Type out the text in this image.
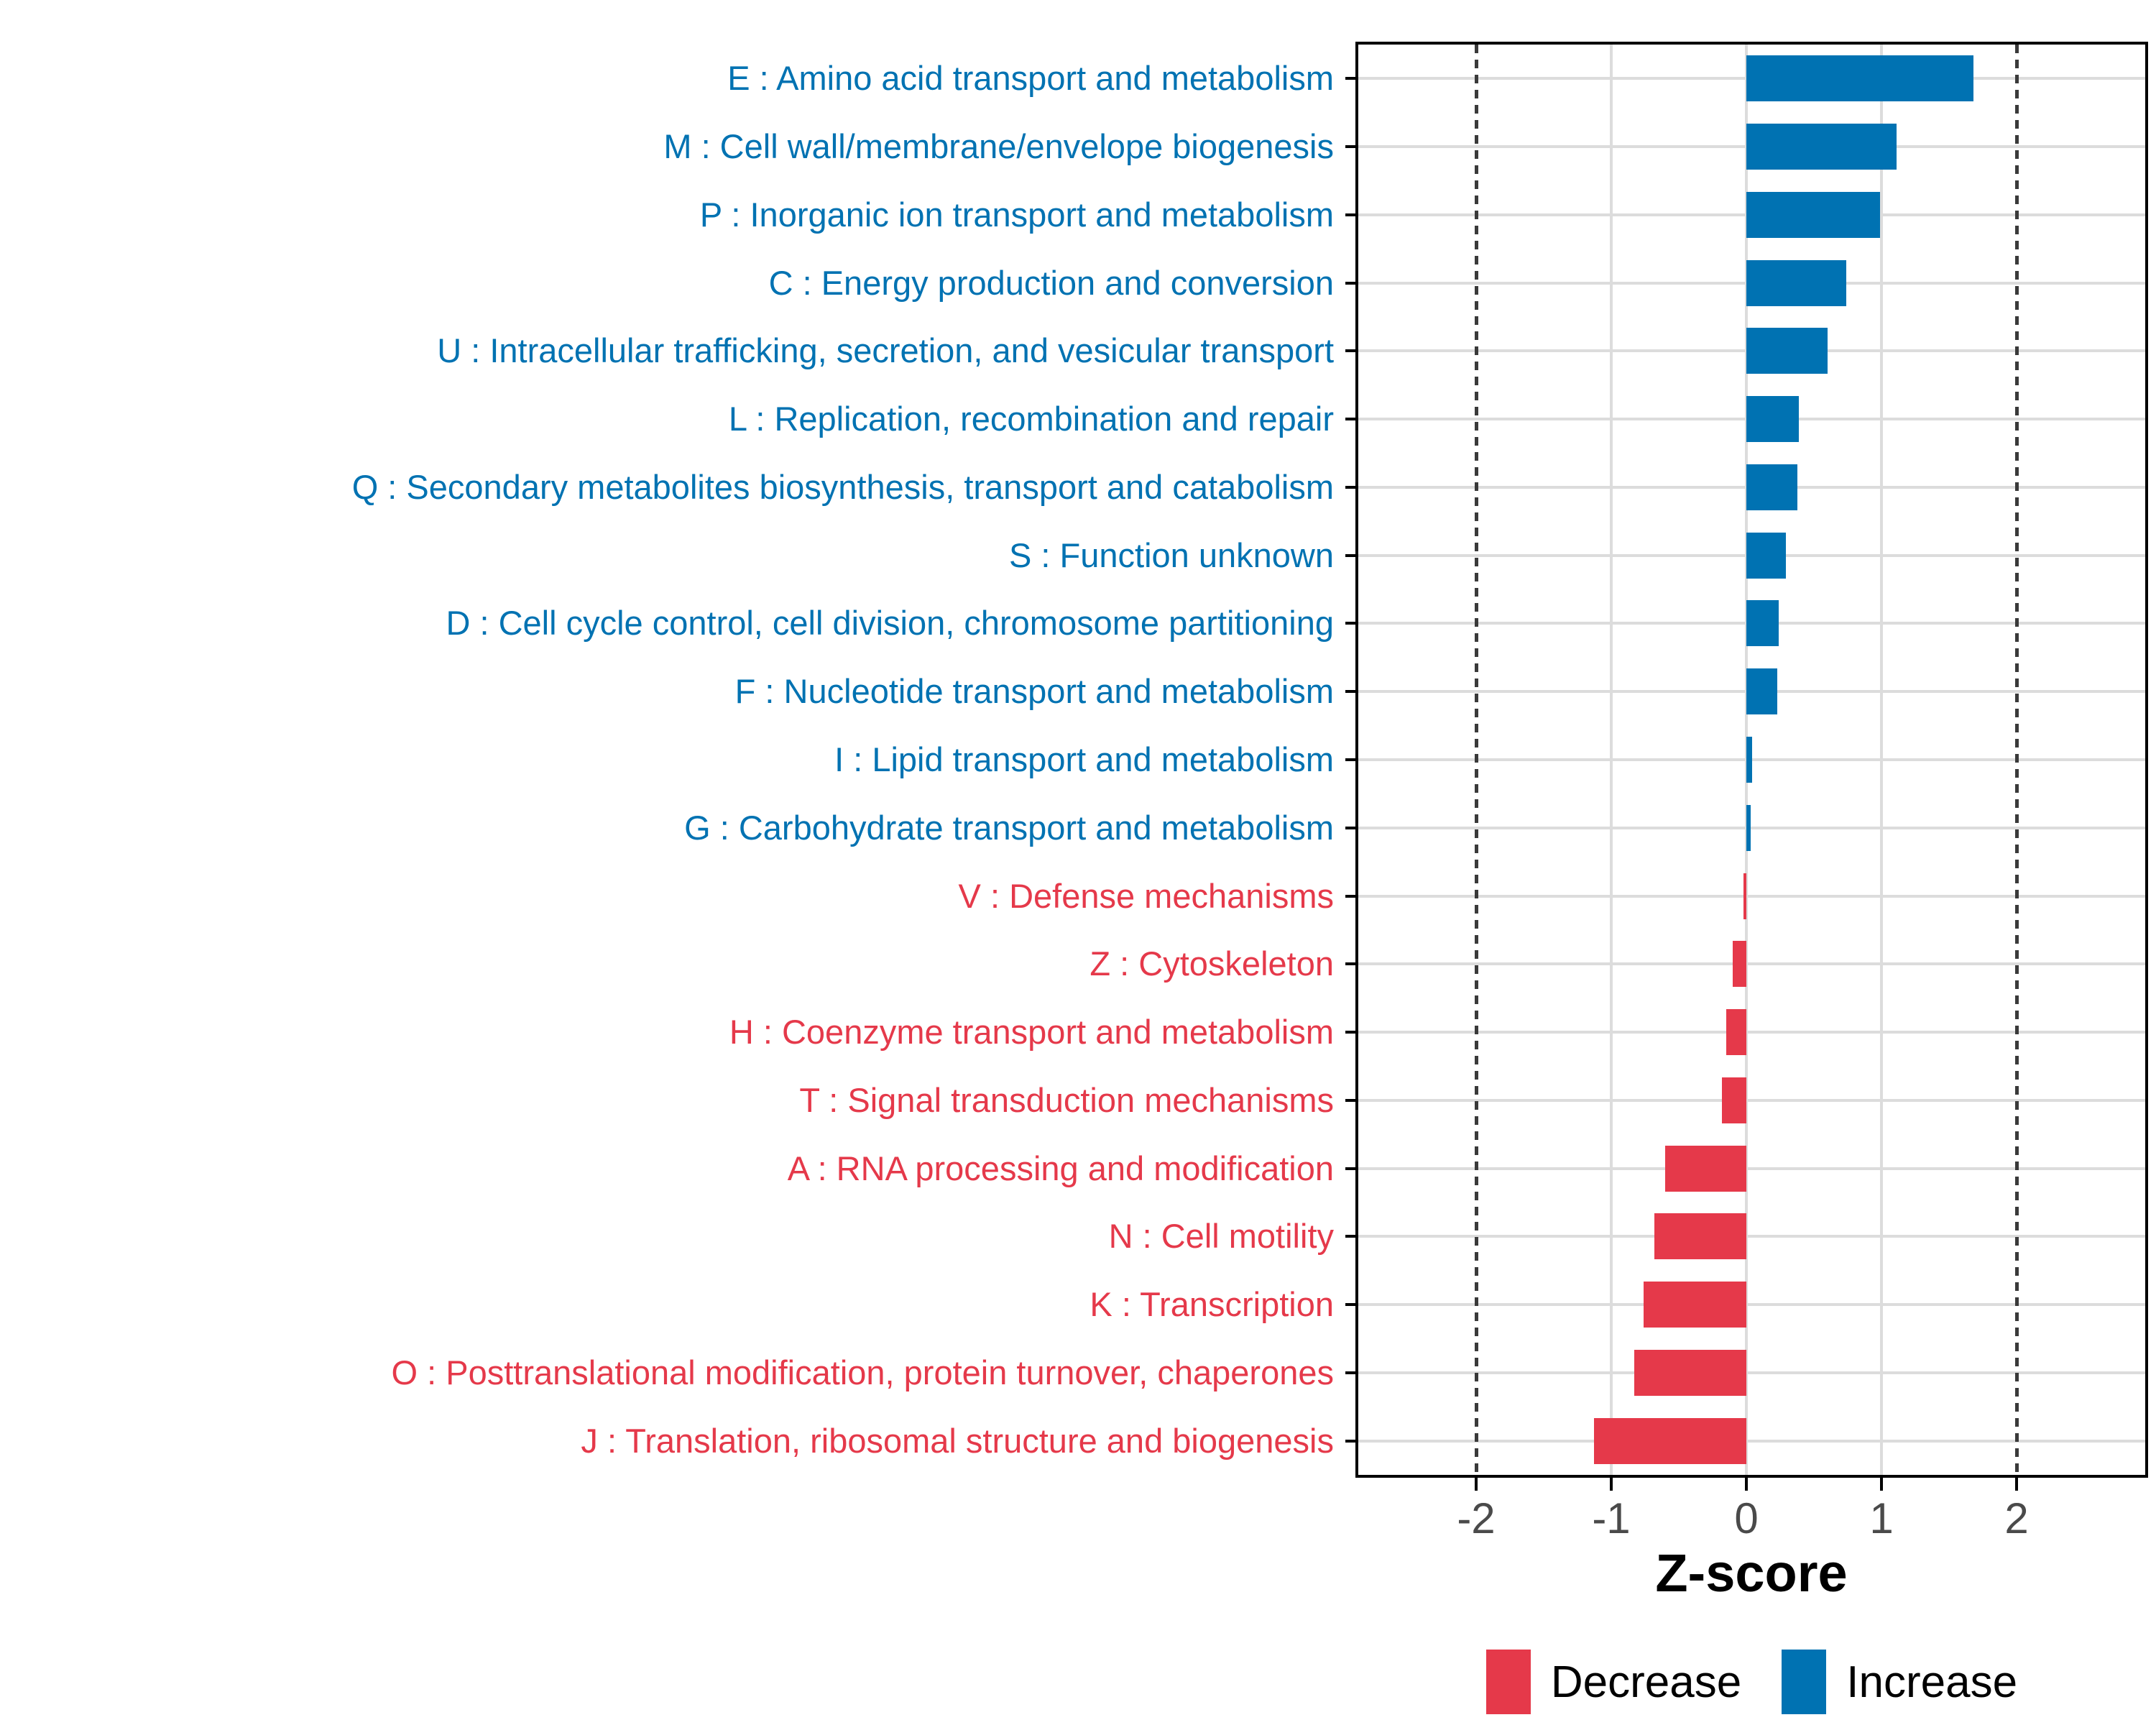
E : Amino acid transport and metabolism
M : Cell wall/membrane/envelope biogenesis
P : Inorganic ion transport and metabolism
C : Energy production and conversion
U : Intracellular trafficking, secretion, and vesicular transport
L : Replication, recombination and repair
Q : Secondary metabolites biosynthesis, transport and catabolism
S : Function unknown
D : Cell cycle control, cell division, chromosome partitioning
F : Nucleotide transport and metabolism
I : Lipid transport and metabolism
G : Carbohydrate transport and metabolism
V : Defense mechanisms
Z : Cytoskeleton
H : Coenzyme transport and metabolism
T : Signal transduction mechanisms
A : RNA processing and modification
N : Cell motility
K : Transcription
O : Posttranslational modification, protein turnover, chaperones
J : Translation, ribosomal structure and biogenesis
-2	-1	0	1	2
Z-score
Decrease Increase
